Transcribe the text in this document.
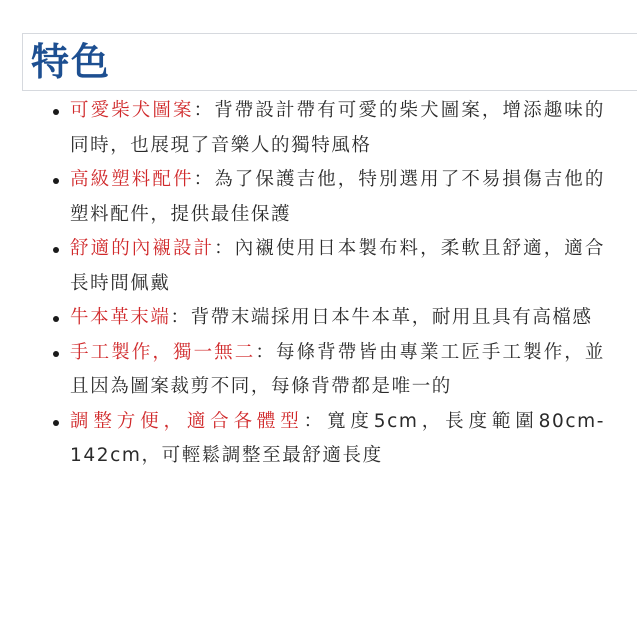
特色
可愛柴犬圖案：背帶設計帶有可愛的柴犬圖案，增添趣味的同時，也展現了音樂人的獨特風格
高級塑料配件：為了保護吉他，特別選用了不易損傷吉他的塑料配件，提供最佳保護
舒適的內襯設計：內襯使用日本製布料，柔軟且舒適，適合長時間佩戴
牛本革末端：背帶末端採用日本牛本革，耐用且具有高檔感
手工製作，獨一無二：每條背帶皆由專業工匠手工製作，並且因為圖案裁剪不同，每條背帶都是唯一的
調整方便，適合各體型：寬度5cm，長度範圍80cm-142cm，可輕鬆調整至最舒適長度
